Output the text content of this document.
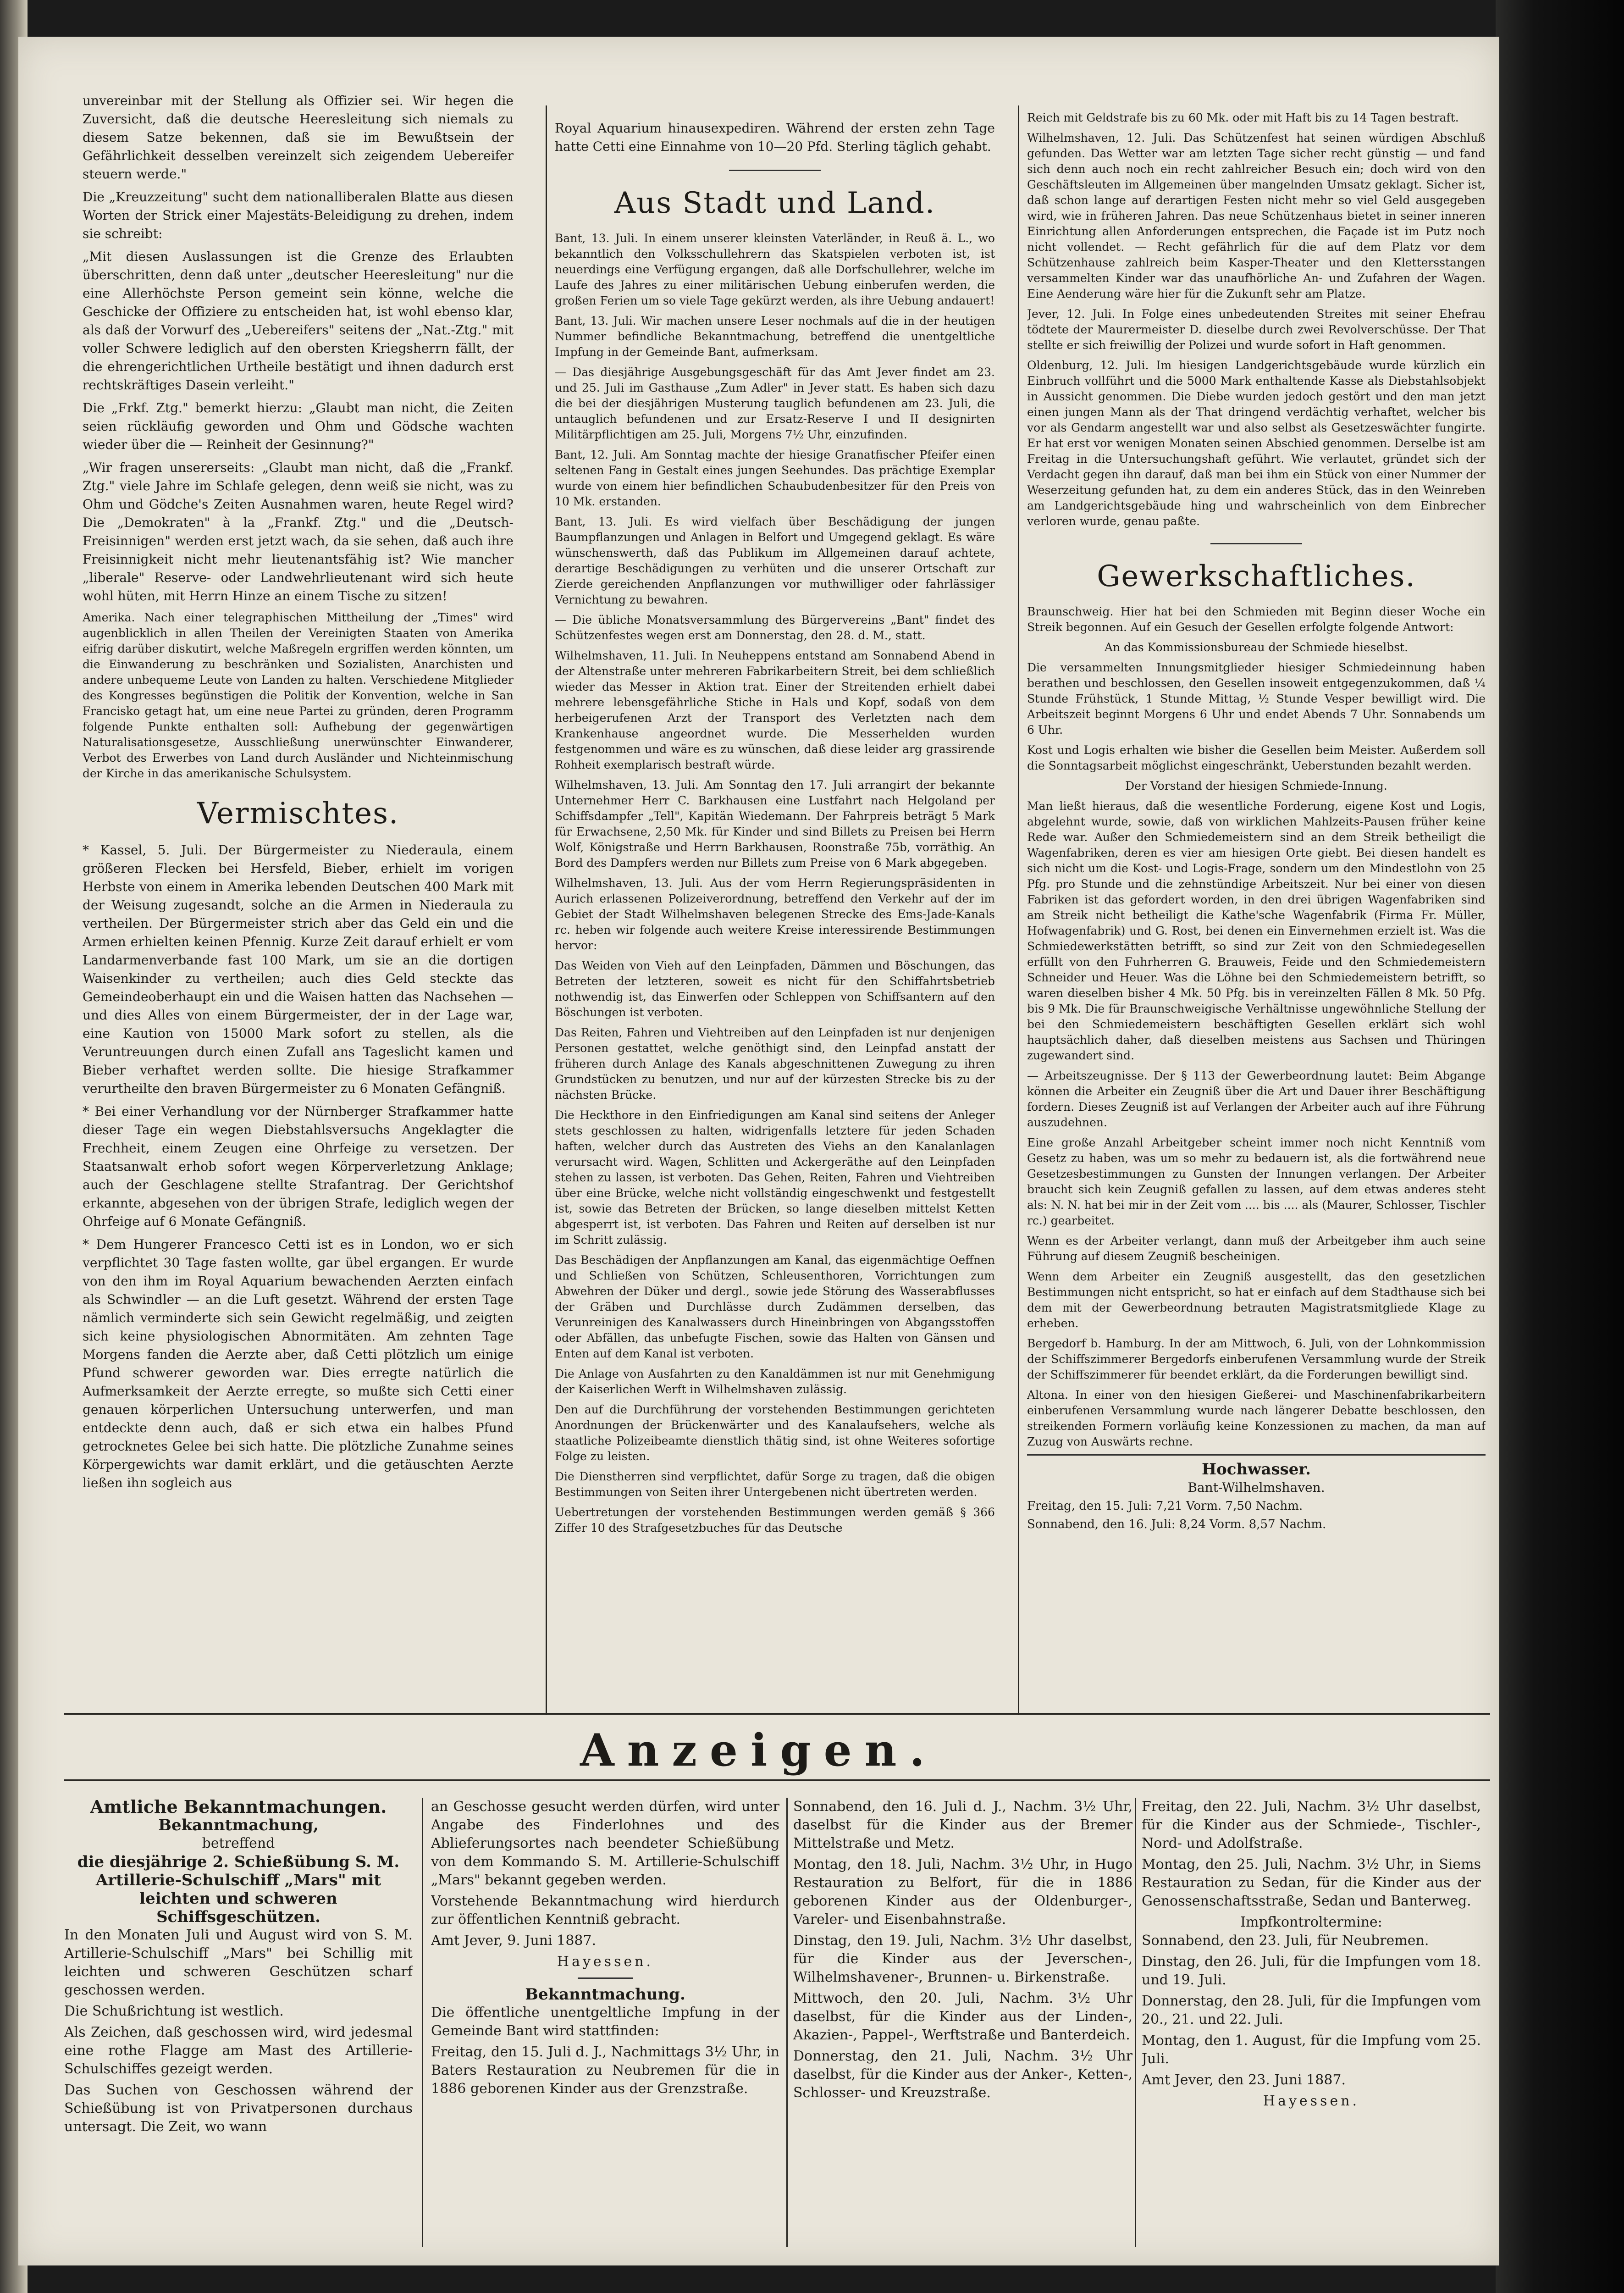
unvereinbar mit der Stellung als Offizier sei. Wir hegen die Zuversicht, daß die deutsche Heeresleitung sich niemals zu diesem Satze bekennen, daß sie im Bewußtsein der Gefährlichkeit desselben vereinzelt sich zeigendem Uebereifer steuern werde."

Die „Kreuzzeitung" sucht dem nationalliberalen Blatte aus diesen Worten der Strick einer Majestäts-Beleidigung zu drehen, indem sie schreibt:

„Mit diesen Auslassungen ist die Grenze des Erlaubten überschritten, denn daß unter „deutscher Heeresleitung" nur die eine Allerhöchste Person gemeint sein könne, welche die Geschicke der Offiziere zu entscheiden hat, ist wohl ebenso klar, als daß der Vorwurf des „Uebereifers" seitens der „Nat.-Ztg." mit voller Schwere lediglich auf den obersten Kriegsherrn fällt, der die ehrengerichtlichen Urtheile bestätigt und ihnen dadurch erst rechtskräftiges Dasein verleiht."

Die „Frkf. Ztg." bemerkt hierzu: „Glaubt man nicht, die Zeiten seien rückläufig geworden und Ohm und Gödsche wachten wieder über die — Reinheit der Gesinnung?"

„Wir fragen unsererseits: „Glaubt man nicht, daß die „Frankf. Ztg." viele Jahre im Schlafe gelegen, denn weiß sie nicht, was zu Ohm und Gödche's Zeiten Ausnahmen waren, heute Regel wird? Die „Demokraten" à la „Frankf. Ztg." und die „Deutsch-Freisinnigen" werden erst jetzt wach, da sie sehen, daß auch ihre Freisinnigkeit nicht mehr lieutenantsfähig ist? Wie mancher „liberale" Reserve- oder Landwehrlieutenant wird sich heute wohl hüten, mit Herrn Hinze an einem Tische zu sitzen!

Amerika. Nach einer telegraphischen Mittheilung der „Times" wird augenblicklich in allen Theilen der Vereinigten Staaten von Amerika eifrig darüber diskutirt, welche Maßregeln ergriffen werden könnten, um die Einwanderung zu beschränken und Sozialisten, Anarchisten und andere unbequeme Leute von Landen zu halten. Verschiedene Mitglieder des Kongresses begünstigen die Politik der Konvention, welche in San Francisko getagt hat, um eine neue Partei zu gründen, deren Programm folgende Punkte enthalten soll: Aufhebung der gegenwärtigen Naturalisationsgesetze, Ausschließung unerwünschter Einwanderer, Verbot des Erwerbes von Land durch Ausländer und Nichteinmischung der Kirche in das amerikanische Schulsystem.

Vermischtes.

* Kassel, 5. Juli. Der Bürgermeister zu Niederaula, einem größeren Flecken bei Hersfeld, Bieber, erhielt im vorigen Herbste von einem in Amerika lebenden Deutschen 400 Mark mit der Weisung zugesandt, solche an die Armen in Niederaula zu vertheilen. Der Bürgermeister strich aber das Geld ein und die Armen erhielten keinen Pfennig. Kurze Zeit darauf erhielt er vom Landarmenverbande fast 100 Mark, um sie an die dortigen Waisenkinder zu vertheilen; auch dies Geld steckte das Gemeindeoberhaupt ein und die Waisen hatten das Nachsehen — und dies Alles von einem Bürgermeister, der in der Lage war, eine Kaution von 15000 Mark sofort zu stellen, als die Veruntreuungen durch einen Zufall ans Tageslicht kamen und Bieber verhaftet werden sollte. Die hiesige Strafkammer verurtheilte den braven Bürgermeister zu 6 Monaten Gefängniß.

* Bei einer Verhandlung vor der Nürnberger Strafkammer hatte dieser Tage ein wegen Diebstahlsversuchs Angeklagter die Frechheit, einem Zeugen eine Ohrfeige zu versetzen. Der Staatsanwalt erhob sofort wegen Körperverletzung Anklage; auch der Geschlagene stellte Strafantrag. Der Gerichtshof erkannte, abgesehen von der übrigen Strafe, lediglich wegen der Ohrfeige auf 6 Monate Gefängniß.

* Dem Hungerer Francesco Cetti ist es in London, wo er sich verpflichtet 30 Tage fasten wollte, gar übel ergangen. Er wurde von den ihm im Royal Aquarium bewachenden Aerzten einfach als Schwindler — an die Luft gesetzt. Während der ersten Tage nämlich verminderte sich sein Gewicht regelmäßig, und zeigten sich keine physiologischen Abnormitäten. Am zehnten Tage Morgens fanden die Aerzte aber, daß Cetti plötzlich um einige Pfund schwerer geworden war. Dies erregte natürlich die Aufmerksamkeit der Aerzte erregte, so mußte sich Cetti einer genauen körperlichen Untersuchung unterwerfen, und man entdeckte denn auch, daß er sich etwa ein halbes Pfund getrocknetes Gelee bei sich hatte. Die plötzliche Zunahme seines Körpergewichts war damit erklärt, und die getäuschten Aerzte ließen ihn sogleich aus

Royal Aquarium hinausexpediren. Während der ersten zehn Tage hatte Cetti eine Einnahme von 10—20 Pfd. Sterling täglich gehabt.

Aus Stadt und Land.

Bant, 13. Juli. In einem unserer kleinsten Vaterländer, in Reuß ä. L., wo bekanntlich den Volksschullehrern das Skatspielen verboten ist, ist neuerdings eine Verfügung ergangen, daß alle Dorfschullehrer, welche im Laufe des Jahres zu einer militärischen Uebung einberufen werden, die großen Ferien um so viele Tage gekürzt werden, als ihre Uebung andauert!

Bant, 13. Juli. Wir machen unsere Leser nochmals auf die in der heutigen Nummer befindliche Bekanntmachung, betreffend die unentgeltliche Impfung in der Gemeinde Bant, aufmerksam.

— Das diesjährige Ausgebungsgeschäft für das Amt Jever findet am 23. und 25. Juli im Gasthause „Zum Adler" in Jever statt. Es haben sich dazu die bei der diesjährigen Musterung tauglich befundenen am 23. Juli, die untauglich befundenen und zur Ersatz-Reserve I und II designirten Militärpflichtigen am 25. Juli, Morgens 7½ Uhr, einzufinden.

Bant, 12. Juli. Am Sonntag machte der hiesige Granatfischer Pfeifer einen seltenen Fang in Gestalt eines jungen Seehundes. Das prächtige Exemplar wurde von einem hier befindlichen Schaubudenbesitzer für den Preis von 10 Mk. erstanden.

Bant, 13. Juli. Es wird vielfach über Beschädigung der jungen Baumpflanzungen und Anlagen in Belfort und Umgegend geklagt. Es wäre wünschenswerth, daß das Publikum im Allgemeinen darauf achtete, derartige Beschädigungen zu verhüten und die unserer Ortschaft zur Zierde gereichenden Anpflanzungen vor muthwilliger oder fahrlässiger Vernichtung zu bewahren.

— Die übliche Monatsversammlung des Bürgervereins „Bant" findet des Schützenfestes wegen erst am Donnerstag, den 28. d. M., statt.

Wilhelmshaven, 11. Juli. In Neuheppens entstand am Sonnabend Abend in der Altenstraße unter mehreren Fabrikarbeitern Streit, bei dem schließlich wieder das Messer in Aktion trat. Einer der Streitenden erhielt dabei mehrere lebensgefährliche Stiche in Hals und Kopf, sodaß von dem herbeigerufenen Arzt der Transport des Verletzten nach dem Krankenhause angeordnet wurde. Die Messerhelden wurden festgenommen und wäre es zu wünschen, daß diese leider arg grassirende Rohheit exemplarisch bestraft würde.

Wilhelmshaven, 13. Juli. Am Sonntag den 17. Juli arrangirt der bekannte Unternehmer Herr C. Barkhausen eine Lustfahrt nach Helgoland per Schiffsdampfer „Tell", Kapitän Wiedemann. Der Fahrpreis beträgt 5 Mark für Erwachsene, 2,50 Mk. für Kinder und sind Billets zu Preisen bei Herrn Wolf, Königstraße und Herrn Barkhausen, Roonstraße 75b, vorräthig. An Bord des Dampfers werden nur Billets zum Preise von 6 Mark abgegeben.

Wilhelmshaven, 13. Juli. Aus der vom Herrn Regierungspräsidenten in Aurich erlassenen Polizeiverordnung, betreffend den Verkehr auf der im Gebiet der Stadt Wilhelmshaven belegenen Strecke des Ems-Jade-Kanals rc. heben wir folgende auch weitere Kreise interessirende Bestimmungen hervor:

Das Weiden von Vieh auf den Leinpfaden, Dämmen und Böschungen, das Betreten der letzteren, soweit es nicht für den Schiffahrtsbetrieb nothwendig ist, das Einwerfen oder Schleppen von Schiffsantern auf den Böschungen ist verboten.

Das Reiten, Fahren und Viehtreiben auf den Leinpfaden ist nur denjenigen Personen gestattet, welche genöthigt sind, den Leinpfad anstatt der früheren durch Anlage des Kanals abgeschnittenen Zuwegung zu ihren Grundstücken zu benutzen, und nur auf der kürzesten Strecke bis zu der nächsten Brücke.

Die Heckthore in den Einfriedigungen am Kanal sind seitens der Anleger stets geschlossen zu halten, widrigenfalls letztere für jeden Schaden haften, welcher durch das Austreten des Viehs an den Kanalanlagen verursacht wird. Wagen, Schlitten und Ackergeräthe auf den Leinpfaden stehen zu lassen, ist verboten. Das Gehen, Reiten, Fahren und Viehtreiben über eine Brücke, welche nicht vollständig eingeschwenkt und festgestellt ist, sowie das Betreten der Brücken, so lange dieselben mittelst Ketten abgesperrt ist, ist verboten. Das Fahren und Reiten auf derselben ist nur im Schritt zulässig.

Das Beschädigen der Anpflanzungen am Kanal, das eigenmächtige Oeffnen und Schließen von Schützen, Schleusenthoren, Vorrichtungen zum Abwehren der Düker und dergl., sowie jede Störung des Wasserabflusses der Gräben und Durchlässe durch Zudämmen derselben, das Verunreinigen des Kanalwassers durch Hineinbringen von Abgangsstoffen oder Abfällen, das unbefugte Fischen, sowie das Halten von Gänsen und Enten auf dem Kanal ist verboten.

Die Anlage von Ausfahrten zu den Kanaldämmen ist nur mit Genehmigung der Kaiserlichen Werft in Wilhelmshaven zulässig.

Den auf die Durchführung der vorstehenden Bestimmungen gerichteten Anordnungen der Brückenwärter und des Kanalaufsehers, welche als staatliche Polizeibeamte dienstlich thätig sind, ist ohne Weiteres sofortige Folge zu leisten.

Die Dienstherren sind verpflichtet, dafür Sorge zu tragen, daß die obigen Bestimmungen von Seiten ihrer Untergebenen nicht übertreten werden.

Uebertretungen der vorstehenden Bestimmungen werden gemäß § 366 Ziffer 10 des Strafgesetzbuches für das Deutsche

Reich mit Geldstrafe bis zu 60 Mk. oder mit Haft bis zu 14 Tagen bestraft.

Wilhelmshaven, 12. Juli. Das Schützenfest hat seinen würdigen Abschluß gefunden. Das Wetter war am letzten Tage sicher recht günstig — und fand sich denn auch noch ein recht zahlreicher Besuch ein; doch wird von den Geschäftsleuten im Allgemeinen über mangelnden Umsatz geklagt. Sicher ist, daß schon lange auf derartigen Festen nicht mehr so viel Geld ausgegeben wird, wie in früheren Jahren. Das neue Schützenhaus bietet in seiner inneren Einrichtung allen Anforderungen entsprechen, die Façade ist im Putz noch nicht vollendet. — Recht gefährlich für die auf dem Platz vor dem Schützenhause zahlreich beim Kasper-Theater und den Klettersstangen versammelten Kinder war das unaufhörliche An- und Zufahren der Wagen. Eine Aenderung wäre hier für die Zukunft sehr am Platze.

Jever, 12. Juli. In Folge eines unbedeutenden Streites mit seiner Ehefrau tödtete der Maurermeister D. dieselbe durch zwei Revolverschüsse. Der That stellte er sich freiwillig der Polizei und wurde sofort in Haft genommen.

Oldenburg, 12. Juli. Im hiesigen Landgerichtsgebäude wurde kürzlich ein Einbruch vollführt und die 5000 Mark enthaltende Kasse als Diebstahlsobjekt in Aussicht genommen. Die Diebe wurden jedoch gestört und den man jetzt einen jungen Mann als der That dringend verdächtig verhaftet, welcher bis vor als Gendarm angestellt war und also selbst als Gesetzeswächter fungirte. Er hat erst vor wenigen Monaten seinen Abschied genommen. Derselbe ist am Freitag in die Untersuchungshaft geführt. Wie verlautet, gründet sich der Verdacht gegen ihn darauf, daß man bei ihm ein Stück von einer Nummer der Weserzeitung gefunden hat, zu dem ein anderes Stück, das in den Weinreben am Landgerichtsgebäude hing und wahrscheinlich von dem Einbrecher verloren wurde, genau paßte.

Gewerkschaftliches.

Braunschweig. Hier hat bei den Schmieden mit Beginn dieser Woche ein Streik begonnen. Auf ein Gesuch der Gesellen erfolgte folgende Antwort:

An das Kommissionsbureau der Schmiede hieselbst.

Die versammelten Innungsmitglieder hiesiger Schmiedeinnung haben berathen und beschlossen, den Gesellen insoweit entgegenzukommen, daß ¼ Stunde Frühstück, 1 Stunde Mittag, ½ Stunde Vesper bewilligt wird. Die Arbeitszeit beginnt Morgens 6 Uhr und endet Abends 7 Uhr. Sonnabends um 6 Uhr.

Kost und Logis erhalten wie bisher die Gesellen beim Meister. Außerdem soll die Sonntagsarbeit möglichst eingeschränkt, Ueberstunden bezahlt werden.

Der Vorstand der hiesigen Schmiede-Innung.

Man ließt hieraus, daß die wesentliche Forderung, eigene Kost und Logis, abgelehnt wurde, sowie, daß von wirklichen Mahlzeits-Pausen früher keine Rede war. Außer den Schmiedemeistern sind an dem Streik betheiligt die Wagenfabriken, deren es vier am hiesigen Orte giebt. Bei diesen handelt es sich nicht um die Kost- und Logis-Frage, sondern um den Mindestlohn von 25 Pfg. pro Stunde und die zehnstündige Arbeitszeit. Nur bei einer von diesen Fabriken ist das gefordert worden, in den drei übrigen Wagenfabriken sind am Streik nicht betheiligt die Kathe'sche Wagenfabrik (Firma Fr. Müller, Hofwagenfabrik) und G. Rost, bei denen ein Einvernehmen erzielt ist. Was die Schmiedewerkstätten betrifft, so sind zur Zeit von den Schmiedegesellen erfüllt von den Fuhrherren G. Brauweis, Feide und den Schmiedemeistern Schneider und Heuer. Was die Löhne bei den Schmiedemeistern betrifft, so waren dieselben bisher 4 Mk. 50 Pfg. bis in vereinzelten Fällen 8 Mk. 50 Pfg. bis 9 Mk. Die für Braunschweigische Verhältnisse ungewöhnliche Stellung der bei den Schmiedemeistern beschäftigten Gesellen erklärt sich wohl hauptsächlich daher, daß dieselben meistens aus Sachsen und Thüringen zugewandert sind.

— Arbeitszeugnisse. Der § 113 der Gewerbeordnung lautet: Beim Abgange können die Arbeiter ein Zeugniß über die Art und Dauer ihrer Beschäftigung fordern. Dieses Zeugniß ist auf Verlangen der Arbeiter auch auf ihre Führung auszudehnen.

Eine große Anzahl Arbeitgeber scheint immer noch nicht Kenntniß vom Gesetz zu haben, was um so mehr zu bedauern ist, als die fortwährend neue Gesetzesbestimmungen zu Gunsten der Innungen verlangen. Der Arbeiter braucht sich kein Zeugniß gefallen zu lassen, auf dem etwas anderes steht als: N. N. hat bei mir in der Zeit vom .... bis .... als (Maurer, Schlosser, Tischler rc.) gearbeitet.

Wenn es der Arbeiter verlangt, dann muß der Arbeitgeber ihm auch seine Führung auf diesem Zeugniß bescheinigen.

Wenn dem Arbeiter ein Zeugniß ausgestellt, das den gesetzlichen Bestimmungen nicht entspricht, so hat er einfach auf dem Stadthause sich bei dem mit der Gewerbeordnung betrauten Magistratsmitgliede Klage zu erheben.

Bergedorf b. Hamburg. In der am Mittwoch, 6. Juli, von der Lohnkommission der Schiffszimmerer Bergedorfs einberufenen Versammlung wurde der Streik der Schiffszimmerer für beendet erklärt, da die Forderungen bewilligt sind.

Altona. In einer von den hiesigen Gießerei- und Maschinenfabrikarbeitern einberufenen Versammlung wurde nach längerer Debatte beschlossen, den streikenden Formern vorläufig keine Konzessionen zu machen, da man auf Zuzug von Auswärts rechne.

Hochwasser.
Bant-Wilhelmshaven.
Freitag, den 15. Juli: 7,21 Vorm. 7,50 Nachm.
Sonnabend, den 16. Juli: 8,24 Vorm. 8,57 Nachm.
Anzeigen.
Amtliche Bekanntmachungen.
Bekanntmachung,
betreffend
die diesjährige 2. Schießübung S. M. Artillerie-Schulschiff „Mars" mit leichten und schweren Schiffsgeschützen.

In den Monaten Juli und August wird von S. M. Artillerie-Schulschiff „Mars" bei Schillig mit leichten und schweren Geschützen scharf geschossen werden.

Die Schußrichtung ist westlich.

Als Zeichen, daß geschossen wird, wird jedesmal eine rothe Flagge am Mast des Artillerie-Schulschiffes gezeigt werden.

Das Suchen von Geschossen während der Schießübung ist von Privatpersonen durchaus untersagt. Die Zeit, wo wann

an Geschosse gesucht werden dürfen, wird unter Angabe des Finderlohnes und des Ablieferungsortes nach beendeter Schießübung von dem Kommando S. M. Artillerie-Schulschiff „Mars" bekannt gegeben werden.

Vorstehende Bekanntmachung wird hierdurch zur öffentlichen Kenntniß gebracht.

Amt Jever, 9. Juni 1887.

Hayessen.
Bekanntmachung.

Die öffentliche unentgeltliche Impfung in der Gemeinde Bant wird stattfinden:

Freitag, den 15. Juli d. J., Nachmittags 3½ Uhr, in Baters Restauration zu Neubremen für die in 1886 geborenen Kinder aus der Grenzstraße.

Sonnabend, den 16. Juli d. J., Nachm. 3½ Uhr, daselbst für die Kinder aus der Bremer Mittelstraße und Metz.

Montag, den 18. Juli, Nachm. 3½ Uhr, in Hugo Restauration zu Belfort, für die in 1886 geborenen Kinder aus der Oldenburger-, Vareler- und Eisenbahnstraße.

Dinstag, den 19. Juli, Nachm. 3½ Uhr daselbst, für die Kinder aus der Jeverschen-, Wilhelmshavener-, Brunnen- u. Birkenstraße.

Mittwoch, den 20. Juli, Nachm. 3½ Uhr daselbst, für die Kinder aus der Linden-, Akazien-, Pappel-, Werftstraße und Banterdeich.

Donnerstag, den 21. Juli, Nachm. 3½ Uhr daselbst, für die Kinder aus der Anker-, Ketten-, Schlosser- und Kreuzstraße.

Freitag, den 22. Juli, Nachm. 3½ Uhr daselbst, für die Kinder aus der Schmiede-, Tischler-, Nord- und Adolfstraße.

Montag, den 25. Juli, Nachm. 3½ Uhr, in Siems Restauration zu Sedan, für die Kinder aus der Genossenschaftsstraße, Sedan und Banterweg.

Impfkontroltermine:

Sonnabend, den 23. Juli, für Neubremen.

Dinstag, den 26. Juli, für die Impfungen vom 18. und 19. Juli.

Donnerstag, den 28. Juli, für die Impfungen vom 20., 21. und 22. Juli.

Montag, den 1. August, für die Impfung vom 25. Juli.

Amt Jever, den 23. Juni 1887.

Hayessen.
